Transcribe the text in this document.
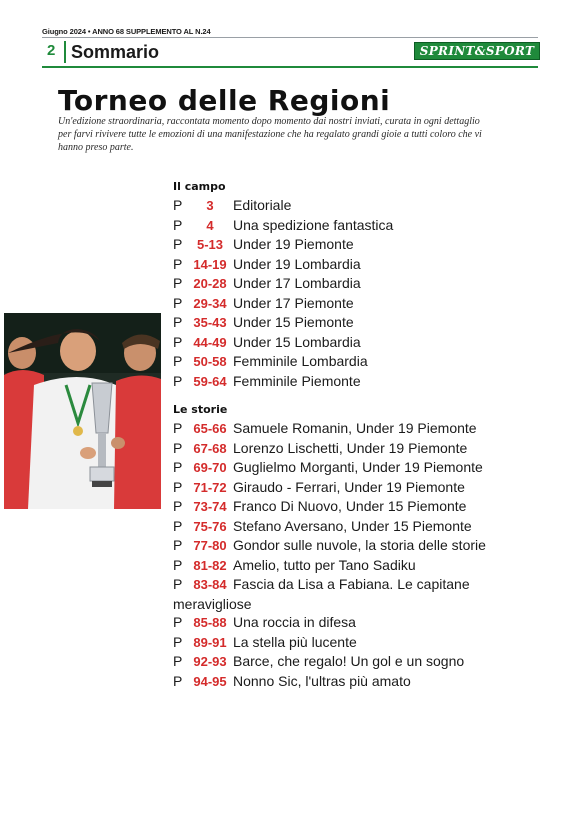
Giugno 2024 • ANNO 68 SUPPLEMENTO AL N.24
2 Sommario	SPRINT&SPORT
Torneo delle Regioni
Un'edizione straordinaria, raccontata momento dopo momento dai nostri inviati, curata in ogni dettaglio per farvi rivivere tutte le emozioni di una manifestazione che ha regalato grandi gioie a tutti coloro che vi hanno preso parte.
Il campo
P 3 Editoriale
P 4 Una spedizione fantastica
P 5-13 Under 19 Piemonte
P 14-19 Under 19 Lombardia
P 20-28 Under 17 Lombardia
P 29-34 Under 17 Piemonte
P 35-43 Under 15 Piemonte
P 44-49 Under 15 Lombardia
P 50-58 Femminile Lombardia
P 59-64 Femminile Piemonte
Le storie
P 65-66 Samuele Romanin, Under 19 Piemonte
P 67-68 Lorenzo Lischetti, Under 19 Piemonte
P 69-70 Guglielmo Morganti, Under 19 Piemonte
P 71-72 Giraudo - Ferrari, Under 19 Piemonte
P 73-74 Franco Di Nuovo, Under 15 Piemonte
P 75-76 Stefano Aversano, Under 15 Piemonte
P 77-80 Gondor sulle nuvole, la storia delle storie
P 81-82 Amelio, tutto per Tano Sadiku
P 83-84 Fascia da Lisa a Fabiana. Le capitane meravigliose
P 85-88 Una roccia in difesa
P 89-91 La stella più lucente
P 92-93 Barce, che regalo! Un gol e un sogno
P 94-95 Nonno Sic, l'ultras più amato
